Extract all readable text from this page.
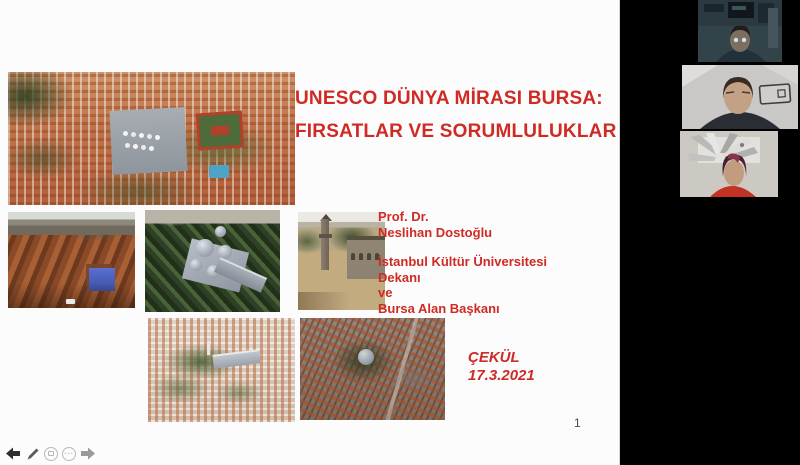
UNESCO DÜNYA MİRASI BURSA:
FIRSATLAR VE SORUMLULUKLAR
Prof. Dr.
Neslihan Dostoğlu
İstanbul Kültür Üniversitesi
Dekanı
ve
Bursa Alan Başkanı
ÇEKÜL
17.3.2021
1
···
